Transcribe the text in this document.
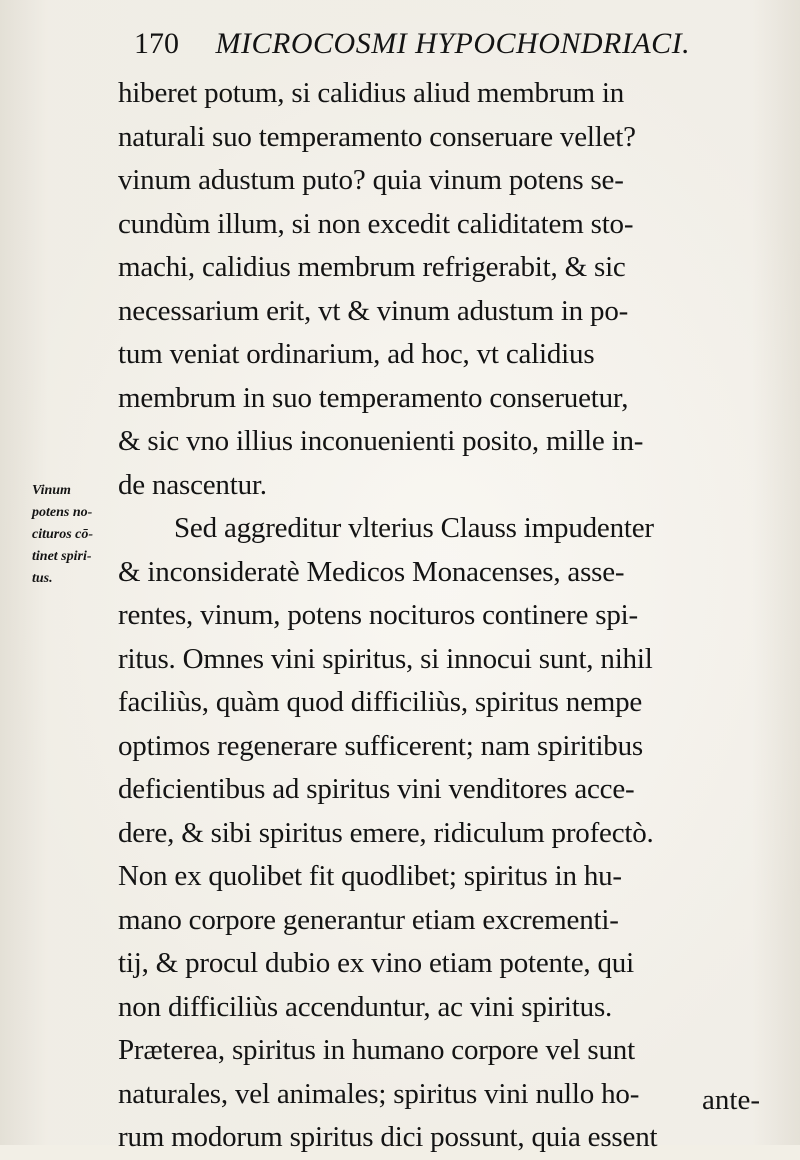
170 MICROCOSMI HYPOCHONDRIACI.
Vinum
potens no-
cituros cō-
tinet spiri-
tus.
hiberet potum, si calidius aliud membrum in
naturali suo temperamento conseruare vellet?
vinum adustum puto? quia vinum potens se-
cundùm illum, si non excedit caliditatem sto-
machi, calidius membrum refrigerabit, & sic
necessarium erit, vt & vinum adustum in po-
tum veniat ordinarium, ad hoc, vt calidius
membrum in suo temperamento conseruetur,
& sic vno illius inconuenienti posito, mille in-
de nascentur.
Sed aggreditur vlterius Clauss impudenter
& inconsideratè Medicos Monacenses, asse-
rentes, vinum, potens nocituros continere spi-
ritus. Omnes vini spiritus, si innocui sunt, nihil
faciliùs, quàm quod difficiliùs, spiritus nempe
optimos regenerare sufficerent; nam spiritibus
deficientibus ad spiritus vini venditores acce-
dere, & sibi spiritus emere, ridiculum profectò.
Non ex quolibet fit quodlibet; spiritus in hu-
mano corpore generantur etiam excrementi-
tij, & procul dubio ex vino etiam potente, qui
non difficiliùs accenduntur, ac vini spiritus.
Præterea, spiritus in humano corpore vel sunt
naturales, vel animales; spiritus vini nullo ho-
rum modorum spiritus dici possunt, quia essent
ante-
